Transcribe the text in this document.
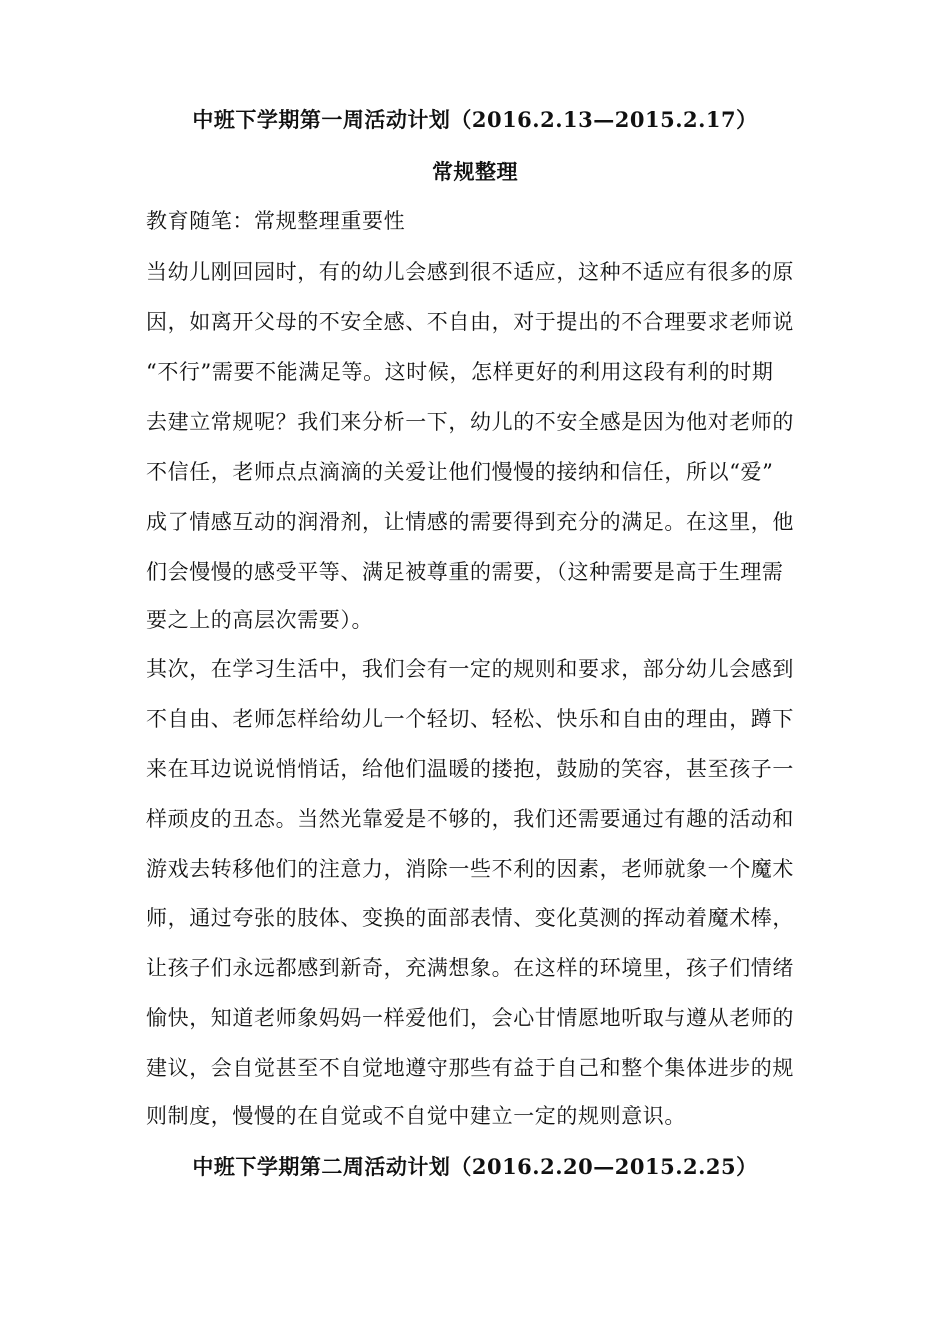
中班下学期第一周活动计划（2016.2.13—2015.2.17）
常规整理
教育随笔：常规整理重要性
当幼儿刚回园时，有的幼儿会感到很不适应，这种不适应有很多的原
因，如离开父母的不安全感、不自由，对于提出的不合理要求老师说
“不行”需要不能满足等。这时候，怎样更好的利用这段有利的时期
去建立常规呢？我们来分析一下，幼儿的不安全感是因为他对老师的
不信任，老师点点滴滴的关爱让他们慢慢的接纳和信任，所以“爱”
成了情感互动的润滑剂，让情感的需要得到充分的满足。在这里，他
们会慢慢的感受平等、满足被尊重的需要，（这种需要是高于生理需
要之上的高层次需要）。
其次，在学习生活中，我们会有一定的规则和要求，部分幼儿会感到
不自由、老师怎样给幼儿一个轻切、轻松、快乐和自由的理由，蹲下
来在耳边说说悄悄话，给他们温暖的搂抱，鼓励的笑容，甚至孩子一
样顽皮的丑态。当然光靠爱是不够的，我们还需要通过有趣的活动和
游戏去转移他们的注意力，消除一些不利的因素，老师就象一个魔术
师，通过夸张的肢体、变换的面部表情、变化莫测的挥动着魔术棒，
让孩子们永远都感到新奇，充满想象。在这样的环境里，孩子们情绪
愉快，知道老师象妈妈一样爱他们，会心甘情愿地听取与遵从老师的
建议，会自觉甚至不自觉地遵守那些有益于自己和整个集体进步的规
则制度，慢慢的在自觉或不自觉中建立一定的规则意识。
中班下学期第二周活动计划（2016.2.20—2015.2.25）
